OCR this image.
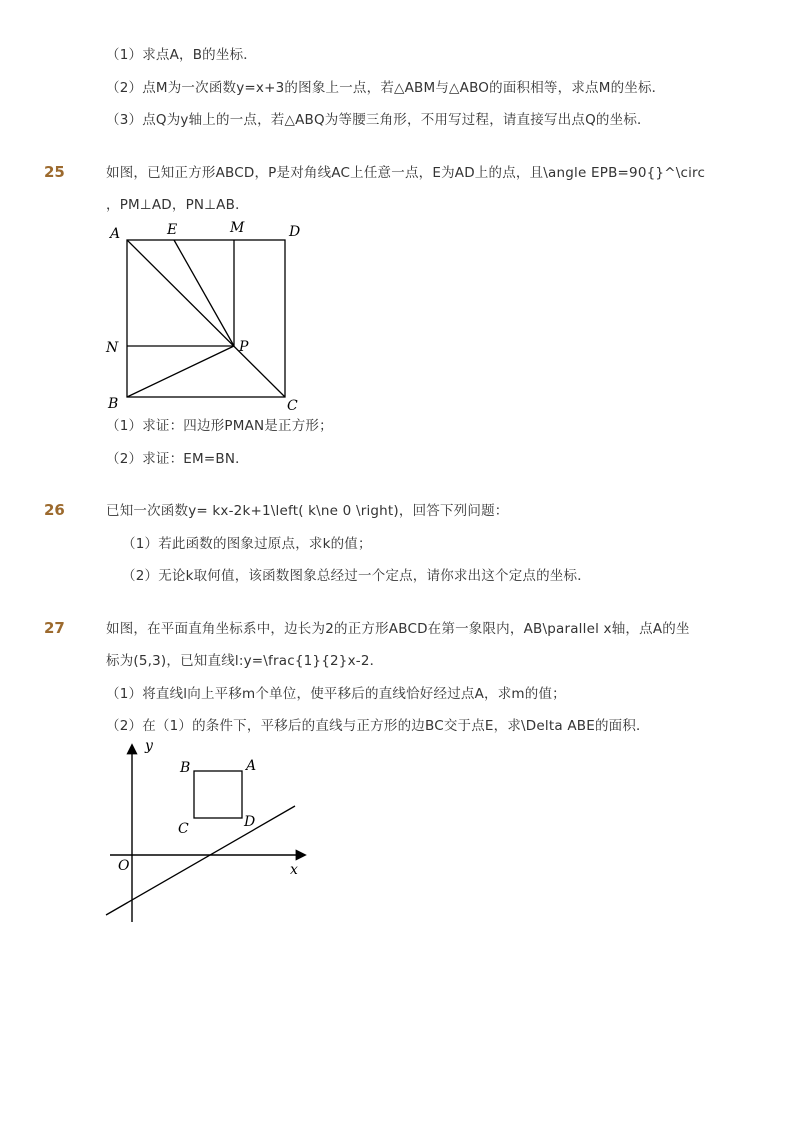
（1）求点A，B的坐标．
（2）点M为一次函数y=x+3的图象上一点，若△ABM与△ABO的面积相等，求点M的坐标．
（3）点Q为y轴上的一点，若△ABQ为等腰三角形，不用写过程，请直接写出点Q的坐标．
25	如图，已知正方形ABCD，P是对角线AC上任意一点，E为AD上的点，且\angle EPB=90{}^\circ
，PM⊥AD，PN⊥AB．
A	E	M	D
N	P
B	C
（1）求证：四边形PMAN是正方形；
（2）求证：EM=BN．
26	已知一次函数y= kx-2k+1\left( k\ne 0 \right)，回答下列问题：
（1）若此函数的图象过原点，求k的值；
（2）无论k取何值，该函数图象总经过一个定点，请你求出这个定点的坐标．
27	如图，在平面直角坐标系中，边长为2的正方形ABCD在第一象限内，AB\parallel x轴，点A的坐
标为(5,3)，已知直线l:y=\frac{1}{2}x-2．
（1）将直线l向上平移m个单位，使平移后的直线恰好经过点A，求m的值；
（2）在（1）的条件下，平移后的直线与正方形的边BC交于点E，求\Delta ABE的面积．
y
x
O
A
B
C	D
